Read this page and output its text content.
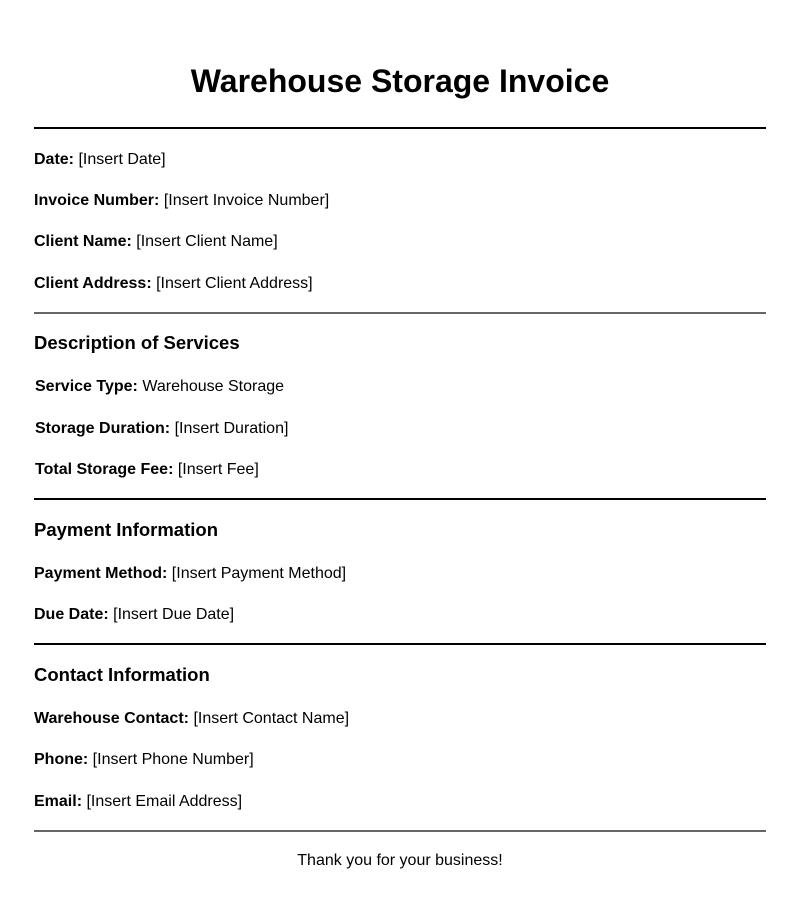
Warehouse Storage Invoice

Date: [Insert Date]

Invoice Number: [Insert Invoice Number]

Client Name: [Insert Client Name]

Client Address: [Insert Client Address]

Description of Services

Service Type: Warehouse Storage

Storage Duration: [Insert Duration]

Total Storage Fee: [Insert Fee]

Payment Information

Payment Method: [Insert Payment Method]

Due Date: [Insert Due Date]

Contact Information

Warehouse Contact: [Insert Contact Name]

Phone: [Insert Phone Number]

Email: [Insert Email Address]

Thank you for your business!
